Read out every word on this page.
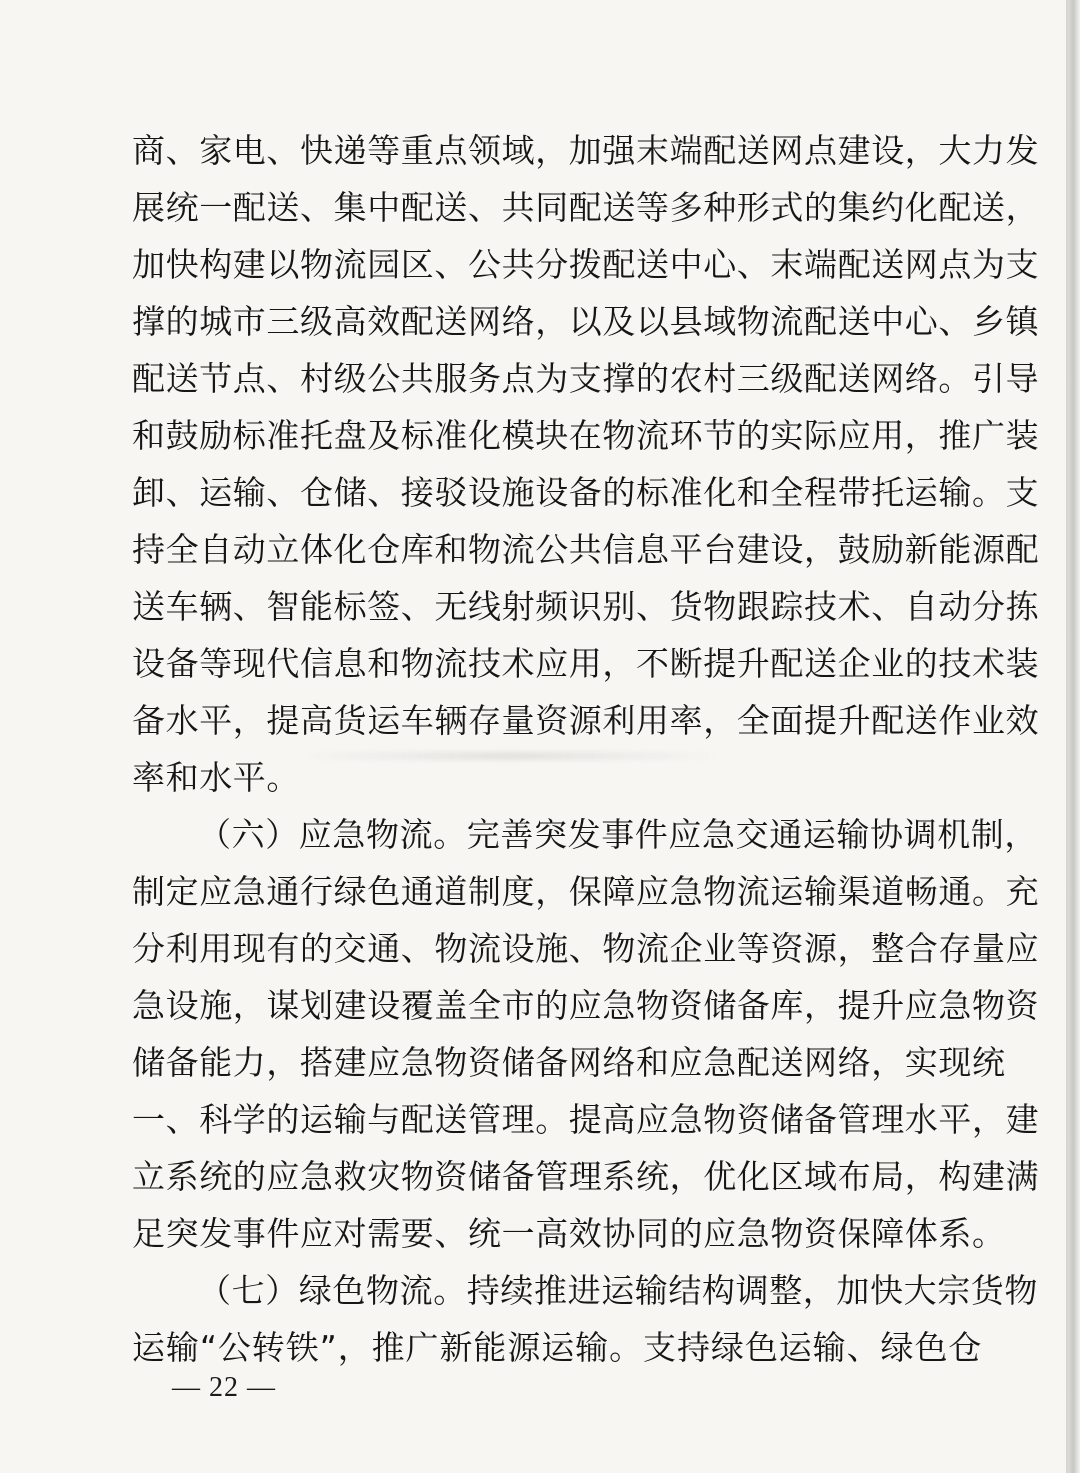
商、家电、快递等重点领域，加强末端配送网点建设，大力发
展统一配送、集中配送、共同配送等多种形式的集约化配送，
加快构建以物流园区、公共分拨配送中心、末端配送网点为支
撑的城市三级高效配送网络，以及以县域物流配送中心、乡镇
配送节点、村级公共服务点为支撑的农村三级配送网络。引导
和鼓励标准托盘及标准化模块在物流环节的实际应用，推广装
卸、运输、仓储、接驳设施设备的标准化和全程带托运输。支
持全自动立体化仓库和物流公共信息平台建设，鼓励新能源配
送车辆、智能标签、无线射频识别、货物跟踪技术、自动分拣
设备等现代信息和物流技术应用，不断提升配送企业的技术装
备水平，提高货运车辆存量资源利用率，全面提升配送作业效
率和水平。
（六）应急物流。完善突发事件应急交通运输协调机制，
制定应急通行绿色通道制度，保障应急物流运输渠道畅通。充
分利用现有的交通、物流设施、物流企业等资源，整合存量应
急设施，谋划建设覆盖全市的应急物资储备库，提升应急物资
储备能力，搭建应急物资储备网络和应急配送网络，实现统
一、科学的运输与配送管理。提高应急物资储备管理水平，建
立系统的应急救灾物资储备管理系统，优化区域布局，构建满
足突发事件应对需要、统一高效协同的应急物资保障体系。
（七）绿色物流。持续推进运输结构调整，加快大宗货物
运输“公转铁”，推广新能源运输。支持绿色运输、绿色仓
— 22 —
